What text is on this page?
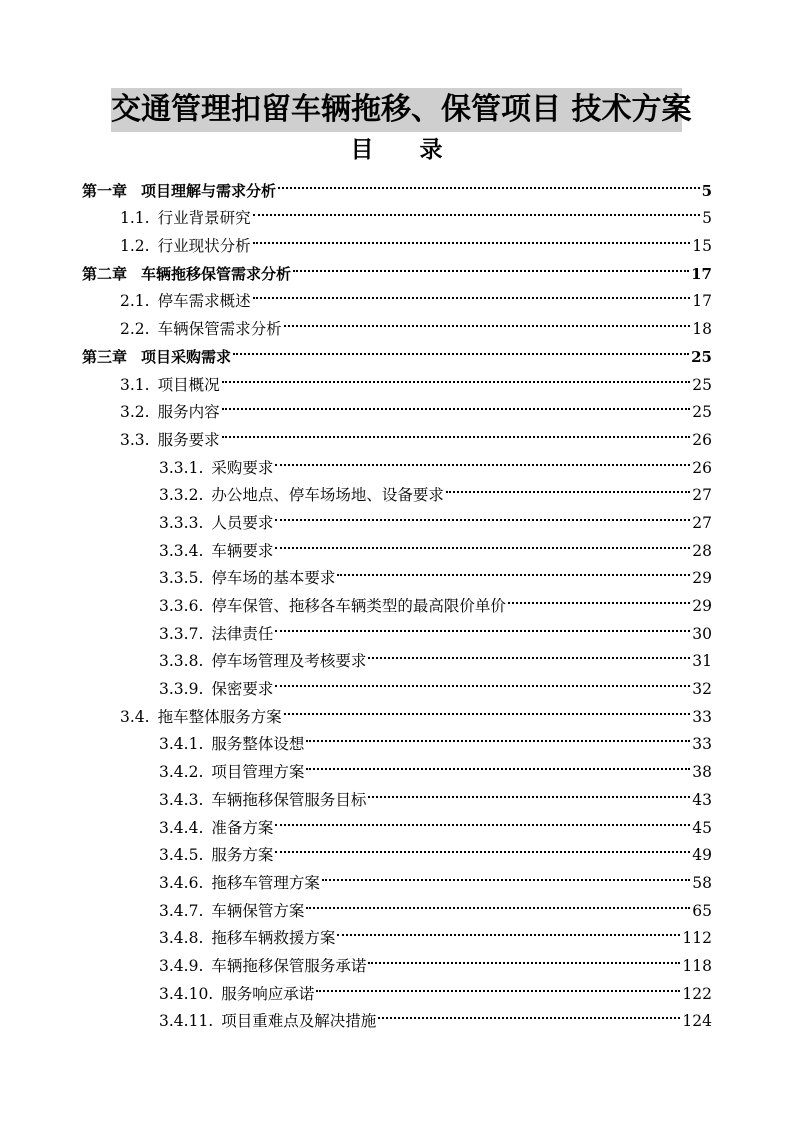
交通管理扣留车辆拖移、保管项目 技术方案
目 录
第一章 项目理解与需求分析	5
1.1. 行业背景研究	5
1.2. 行业现状分析	15
第二章 车辆拖移保管需求分析	17
2.1. 停车需求概述	17
2.2. 车辆保管需求分析	18
第三章 项目采购需求	25
3.1. 项目概况	25
3.2. 服务内容	25
3.3. 服务要求	26
3.3.1. 采购要求	26
3.3.2. 办公地点、停车场场地、设备要求	27
3.3.3. 人员要求	27
3.3.4. 车辆要求	28
3.3.5. 停车场的基本要求	29
3.3.6. 停车保管、拖移各车辆类型的最高限价单价	29
3.3.7. 法律责任	30
3.3.8. 停车场管理及考核要求	31
3.3.9. 保密要求	32
3.4. 拖车整体服务方案	33
3.4.1. 服务整体设想	33
3.4.2. 项目管理方案	38
3.4.3. 车辆拖移保管服务目标	43
3.4.4. 准备方案	45
3.4.5. 服务方案	49
3.4.6. 拖移车管理方案	58
3.4.7. 车辆保管方案	65
3.4.8. 拖移车辆救援方案	112
3.4.9. 车辆拖移保管服务承诺	118
3.4.10. 服务响应承诺	122
3.4.11. 项目重难点及解决措施	124
